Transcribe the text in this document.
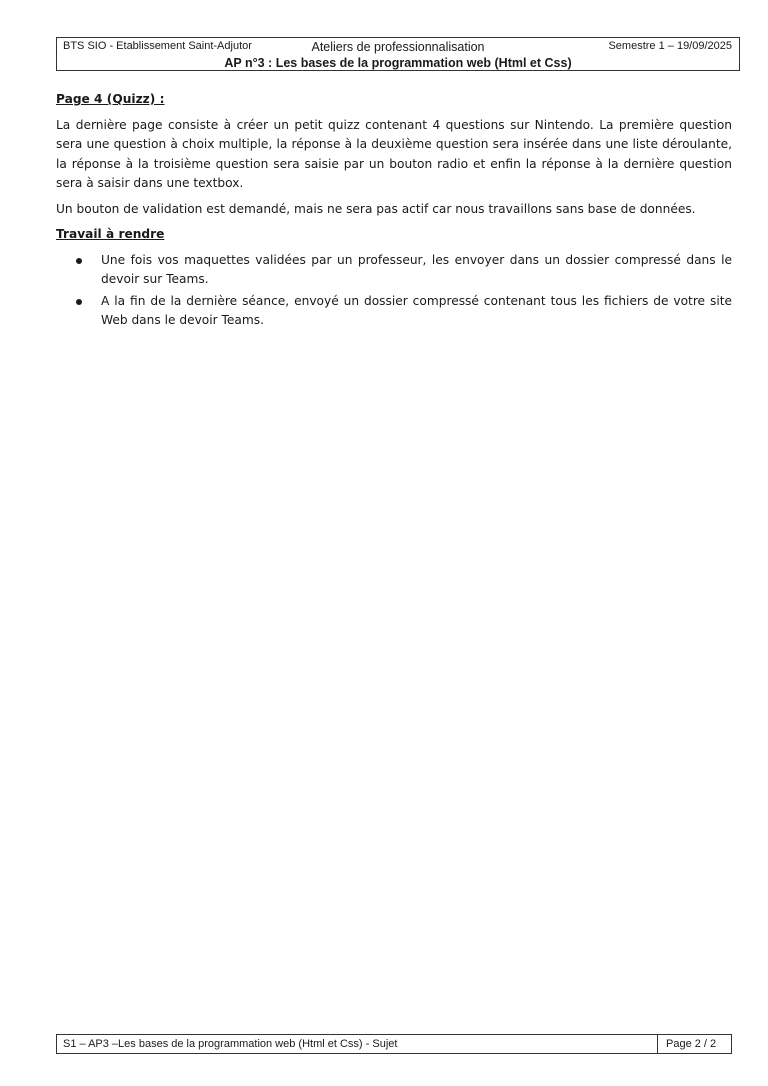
BTS SIO - Etablissement Saint-Adjutor	Ateliers de professionnalisation	Semestre 1 – 19/09/2025
AP n°3 : Les bases de la programmation web (Html et Css)

Page 4 (Quizz) :

La dernière page consiste à créer un petit quizz contenant 4 questions sur Nintendo. La première question sera une question à choix multiple, la réponse à la deuxième question sera insérée dans une liste déroulante, la réponse à la troisième question sera saisie par un bouton radio et enfin la réponse à la dernière question sera à saisir dans une textbox.

Un bouton de validation est demandé, mais ne sera pas actif car nous travaillons sans base de données.

Travail à rendre

Une fois vos maquettes validées par un professeur, les envoyer dans un dossier compressé dans le devoir sur Teams.
A la fin de la dernière séance, envoyé un dossier compressé contenant tous les fichiers de votre site Web dans le devoir Teams.
S1 – AP3 –Les bases de la programmation web (Html et Css) - Sujet	Page 2 / 2
